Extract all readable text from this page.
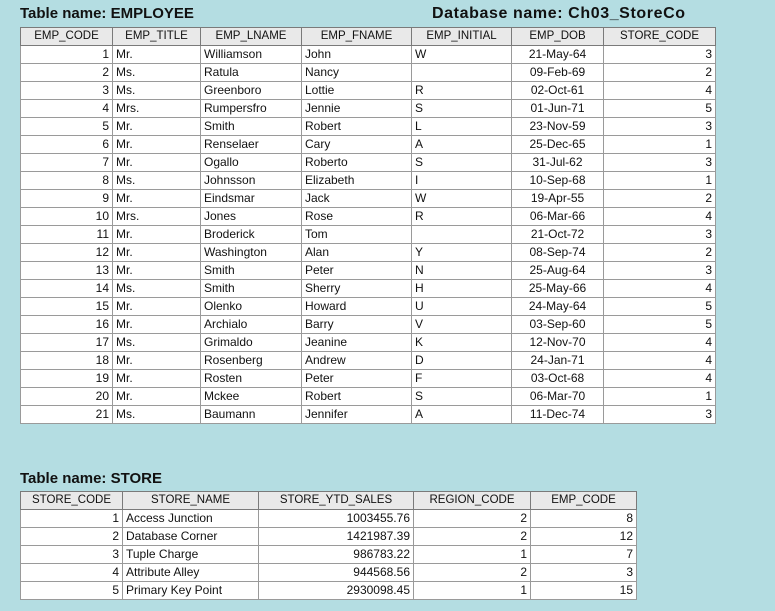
Table name: EMPLOYEE	Database name: Ch03_StoreCo
EMP_CODE	EMP_TITLE	EMP_LNAME	EMP_FNAME	EMP_INITIAL	EMP_DOB	STORE_CODE
1	Mr.	Williamson	John	W	21-May-64	3
2	Ms.	Ratula	Nancy		09-Feb-69	2
3	Ms.	Greenboro	Lottie	R	02-Oct-61	4
4	Mrs.	Rumpersfro	Jennie	S	01-Jun-71	5
5	Mr.	Smith	Robert	L	23-Nov-59	3
6	Mr.	Renselaer	Cary	A	25-Dec-65	1
7	Mr.	Ogallo	Roberto	S	31-Jul-62	3
8	Ms.	Johnsson	Elizabeth	I	10-Sep-68	1
9	Mr.	Eindsmar	Jack	W	19-Apr-55	2
10	Mrs.	Jones	Rose	R	06-Mar-66	4
11	Mr.	Broderick	Tom		21-Oct-72	3
12	Mr.	Washington	Alan	Y	08-Sep-74	2
13	Mr.	Smith	Peter	N	25-Aug-64	3
14	Ms.	Smith	Sherry	H	25-May-66	4
15	Mr.	Olenko	Howard	U	24-May-64	5
16	Mr.	Archialo	Barry	V	03-Sep-60	5
17	Ms.	Grimaldo	Jeanine	K	12-Nov-70	4
18	Mr.	Rosenberg	Andrew	D	24-Jan-71	4
19	Mr.	Rosten	Peter	F	03-Oct-68	4
20	Mr.	Mckee	Robert	S	06-Mar-70	1
21	Ms.	Baumann	Jennifer	A	11-Dec-74	3
Table name: STORE
STORE_CODE	STORE_NAME	STORE_YTD_SALES	REGION_CODE	EMP_CODE
1	Access Junction	1003455.76	2	8
2	Database Corner	1421987.39	2	12
3	Tuple Charge	986783.22	1	7
4	Attribute Alley	944568.56	2	3
5	Primary Key Point	2930098.45	1	15
